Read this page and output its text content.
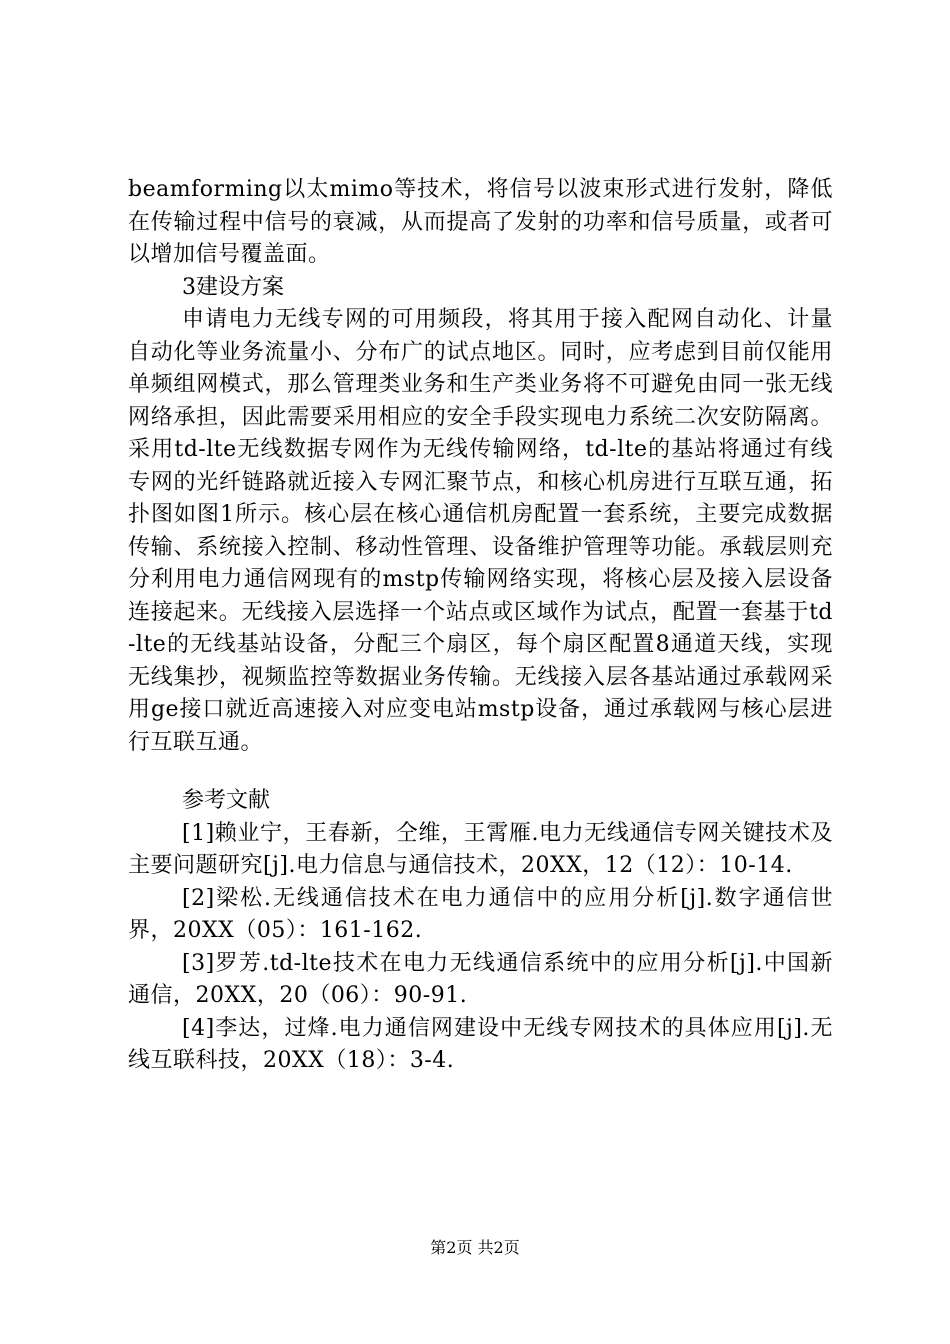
beamforming以太mimo等技术，将信号以波束形式进行发射，降低在传输过程中信号的衰减，从而提高了发射的功率和信号质量，或者可以增加信号覆盖面。

3建设方案

申请电力无线专网的可用频段，将其用于接入配网自动化、计量自动化等业务流量小、分布广的试点地区。同时，应考虑到目前仅能用单频组网模式，那么管理类业务和生产类业务将不可避免由同一张无线网络承担，因此需要采用相应的安全手段实现电力系统二次安防隔离。采用td-lte无线数据专网作为无线传输网络，td-lte的基站将通过有线专网的光纤链路就近接入专网汇聚节点，和核心机房进行互联互通，拓扑图如图1所示。核心层在核心通信机房配置一套系统，主要完成数据传输、系统接入控制、移动性管理、设备维护管理等功能。承载层则充分利用电力通信网现有的mstp传输网络实现，将核心层及接入层设备连接起来。无线接入层选择一个站点或区域作为试点，配置一套基于td-lte的无线基站设备，分配三个扇区，每个扇区配置8通道天线，实现无线集抄，视频监控等数据业务传输。无线接入层各基站通过承载网采用ge接口就近高速接入对应变电站mstp设备，通过承载网与核心层进行互联互通。

参考文献

[1]赖业宁，王春新，仝维，王霄雁.电力无线通信专网关键技术及主要问题研究[j].电力信息与通信技术，20XX，12（12）：10-14.

[2]梁松.无线通信技术在电力通信中的应用分析[j].数字通信世界，20XX（05）：161-162.

[3]罗芳.td-lte技术在电力无线通信系统中的应用分析[j].中国新通信，20XX，20（06）：90-91.

[4]李达，过烽.电力通信网建设中无线专网技术的具体应用[j].无线互联科技，20XX（18）：3-4.

第2页 共2页
